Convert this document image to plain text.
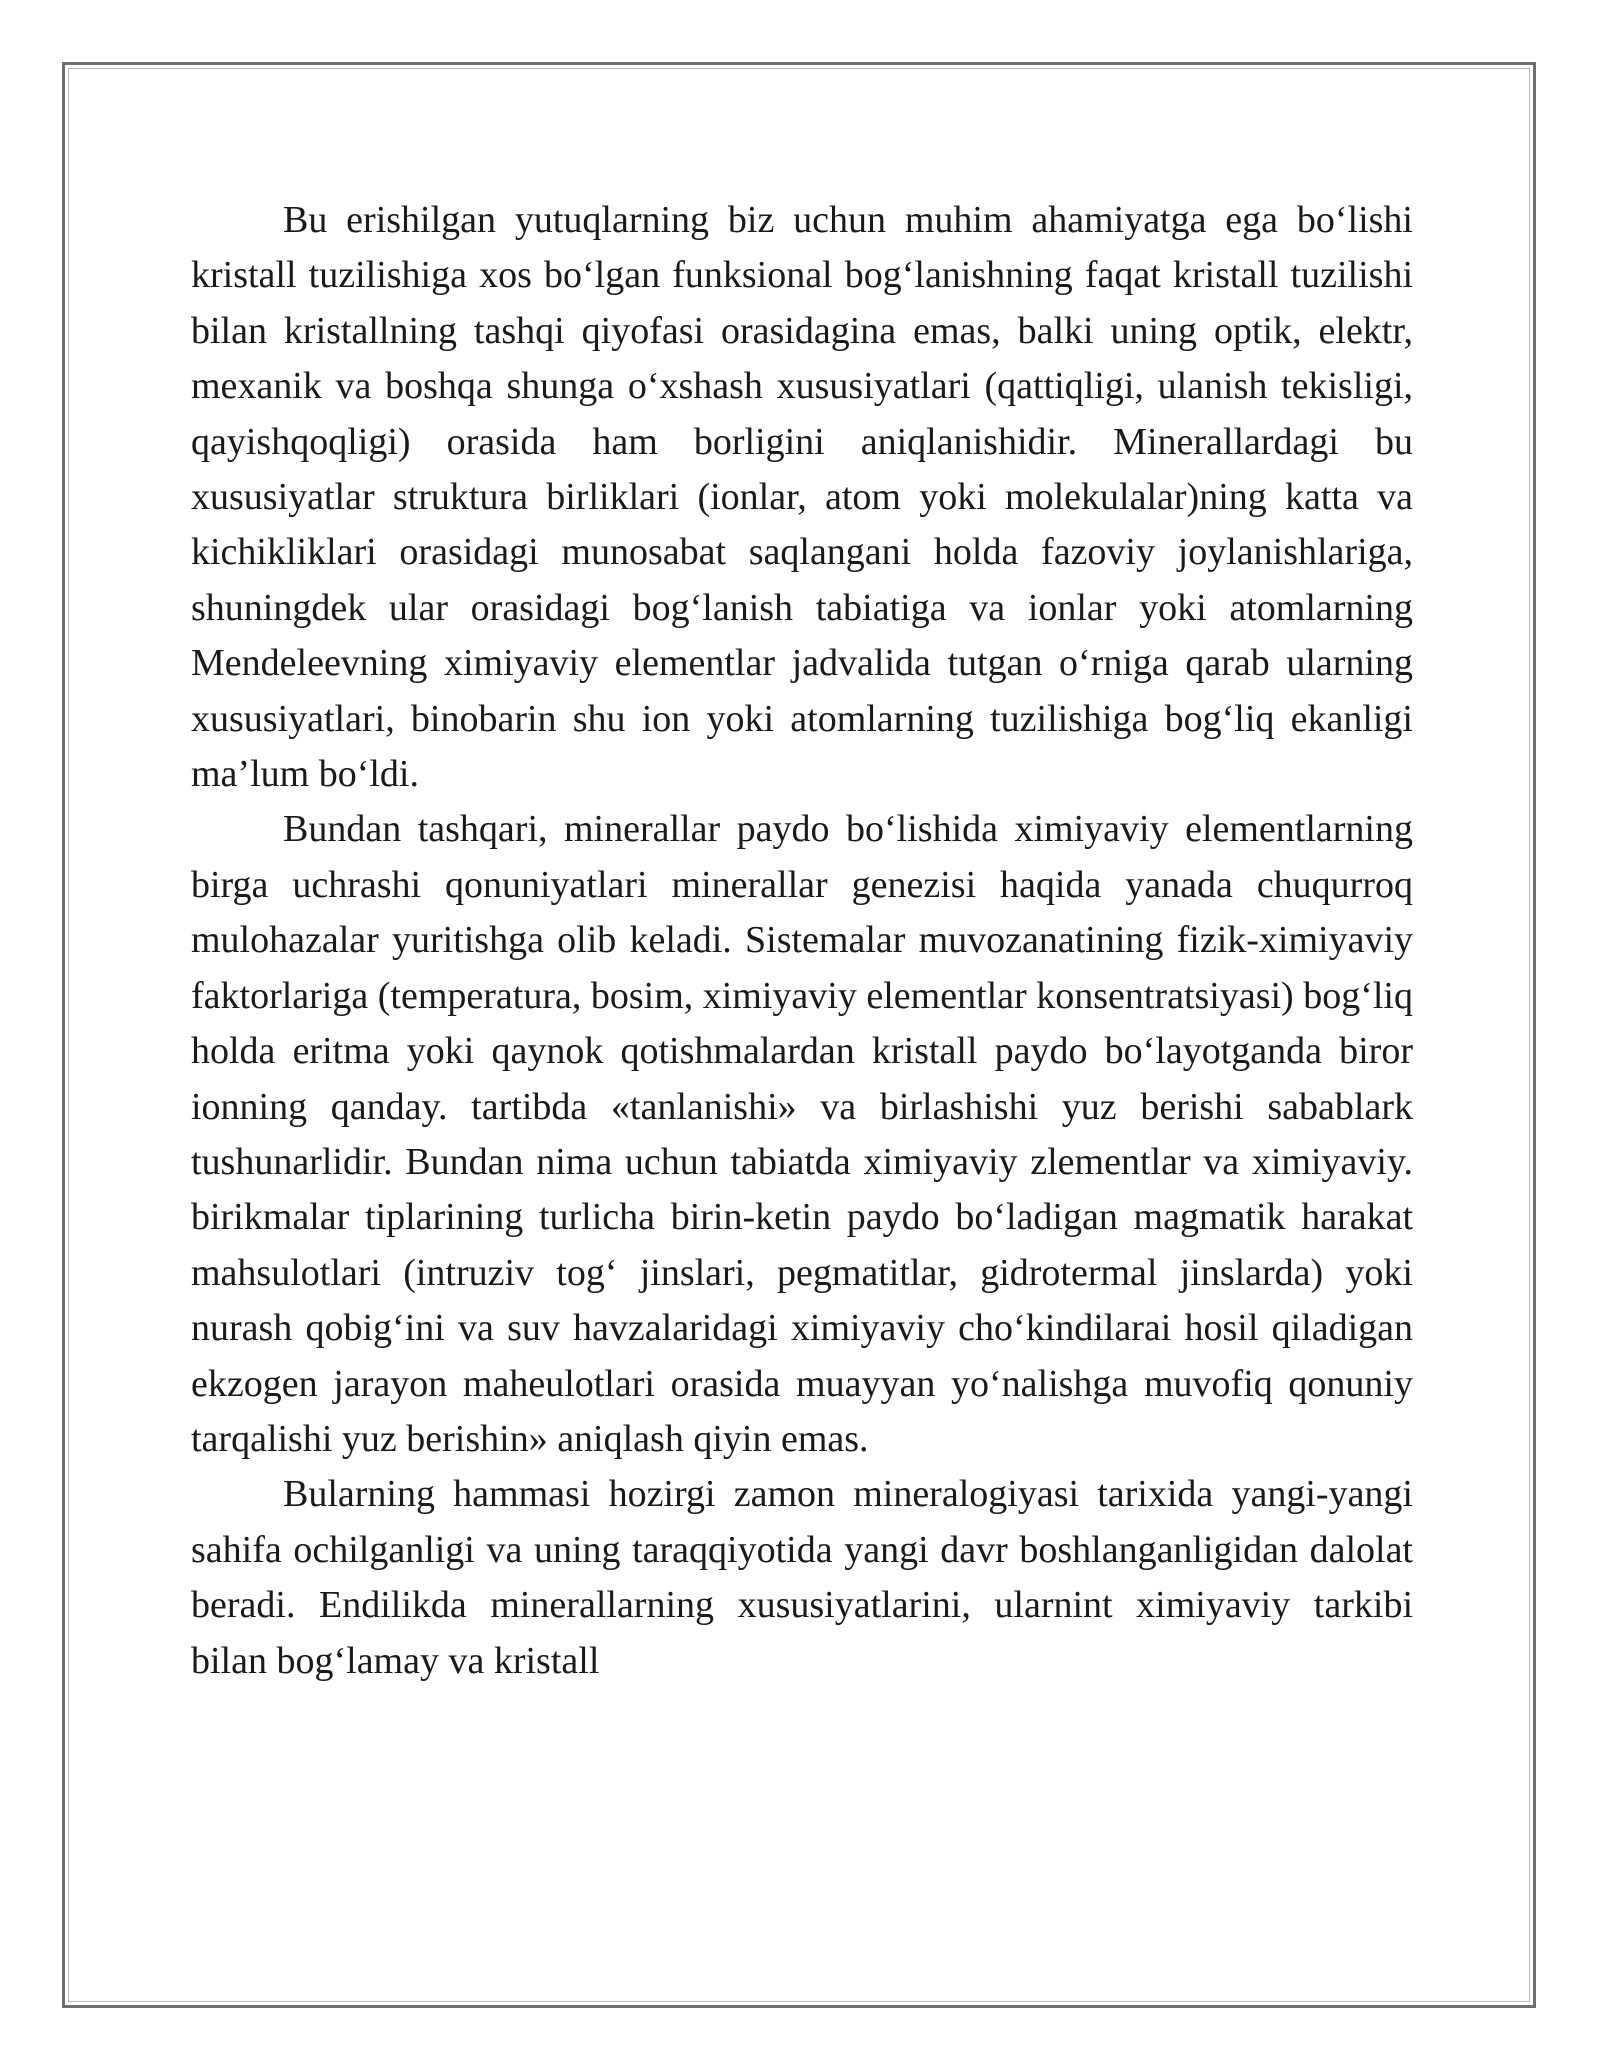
Bu erishilgan yutuqlarning biz uchun muhim ahamiyatga ega bo‘lishi kristall tuzilishiga xos bo‘lgan funksional bog‘lanishning faqat kristall tuzilishi bilan kristallning tashqi qiyofasi orasidagina emas, balki uning optik, elektr, mexanik va boshqa shunga o‘xshash xususiyatlari (qattiqligi, ulanish tekisligi, qayishqoqligi) orasida ham borligini aniqlanishidir. Minerallardagi bu xususiyatlar struktura birliklari (ionlar, atom yoki molekulalar)ning katta va kichikliklari orasidagi munosabat saqlangani holda fazoviy joylanishlariga, shuningdek ular orasidagi bog‘lanish tabiatiga va ionlar yoki atomlarning Mendeleevning ximiyaviy elementlar jadvalida tutgan o‘rniga qarab ularning xususiyatlari, binobarin shu ion yoki atomlarning tuzilishiga bog‘liq ekanligi ma’lum bo‘ldi.

Bundan tashqari, minerallar paydo bo‘lishida ximiyaviy elementlarning birga uchrashi qonuniyatlari minerallar genezisi haqida yanada chuqurroq mulohazalar yuritishga olib keladi. Sistemalar muvozanatining fizik-ximiyaviy faktorlariga (temperatura, bosim, ximiyaviy elementlar konsentratsiyasi) bog‘liq holda eritma yoki qaynok qotishmalardan kristall paydo bo‘layotganda biror ionning qanday. tartibda «tanlanishi» va birlashishi yuz berishi sabablark tushunarlidir. Bundan nima uchun tabiatda ximiyaviy zlementlar va ximiyaviy. birikmalar tiplarining turlicha birin-ketin paydo bo‘ladigan magmatik harakat mahsulotlari (intruziv tog‘ jinslari, pegmatitlar, gidrotermal jinslarda) yoki nurash qobig‘ini va suv havzalaridagi ximiyaviy cho‘kindilarai hosil qiladigan ekzogen jarayon maheulotlari orasida muayyan yo‘nalishga muvofiq qonuniy tarqalishi yuz berishin» aniqlash qiyin emas.

Bularning hammasi hozirgi zamon mineralogiyasi tarixida yangi-yangi sahifa ochilganligi va uning taraqqiyotida yangi davr boshlanganligidan dalolat beradi. Endilikda minerallarning xususiyatlarini, ularnint ximiyaviy tarkibi bilan bog‘lamay va kristall
